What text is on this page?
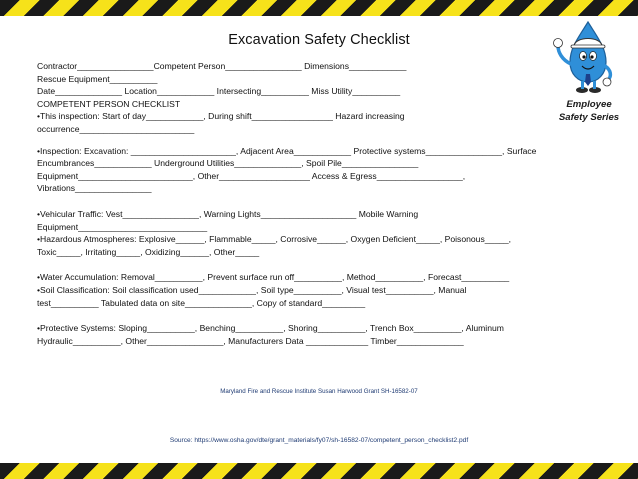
Excavation Safety Checklist
Contractor________________Competent Person________________ Dimensions____________
Rescue Equipment__________
Date______________ Location____________ Intersecting__________ Miss Utility__________
COMPETENT PERSON CHECKLIST
•This inspection: Start of day____________, During shift_________________ Hazard increasing
occurrence________________________
•Inspection: Excavation: ______________________, Adjacent Area____________ Protective systems________________, Surface
Encumbrances____________ Underground Utilities______________, Spoil Pile________________
Equipment________________________, Other___________________ Access & Egress__________________,
Vibrations________________
•Vehicular Traffic: Vest________________, Warning Lights____________________ Mobile Warning
Equipment___________________________
•Hazardous Atmospheres: Explosive______, Flammable_____, Corrosive______, Oxygen Deficient_____, Poisonous_____,
Toxic_____, Irritating_____, Oxidizing______, Other_____
•Water Accumulation: Removal__________, Prevent surface run off__________, Method__________, Forecast__________
•Soil Classification: Soil classification used____________, Soil type__________, Visual test__________, Manual
test__________ Tabulated data on site______________, Copy of standard_________
•Protective Systems: Sloping__________, Benching__________, Shoring__________, Trench Box__________, Aluminum
Hydraulic__________, Other________________, Manufacturers Data _____________ Timber______________
Employee
Safety Series
Maryland Fire and Rescue Institute Susan Harwood Grant SH-16582-07
Source: https://www.osha.gov/dte/grant_materials/fy07/sh-16582-07/competent_person_checklist2.pdf
